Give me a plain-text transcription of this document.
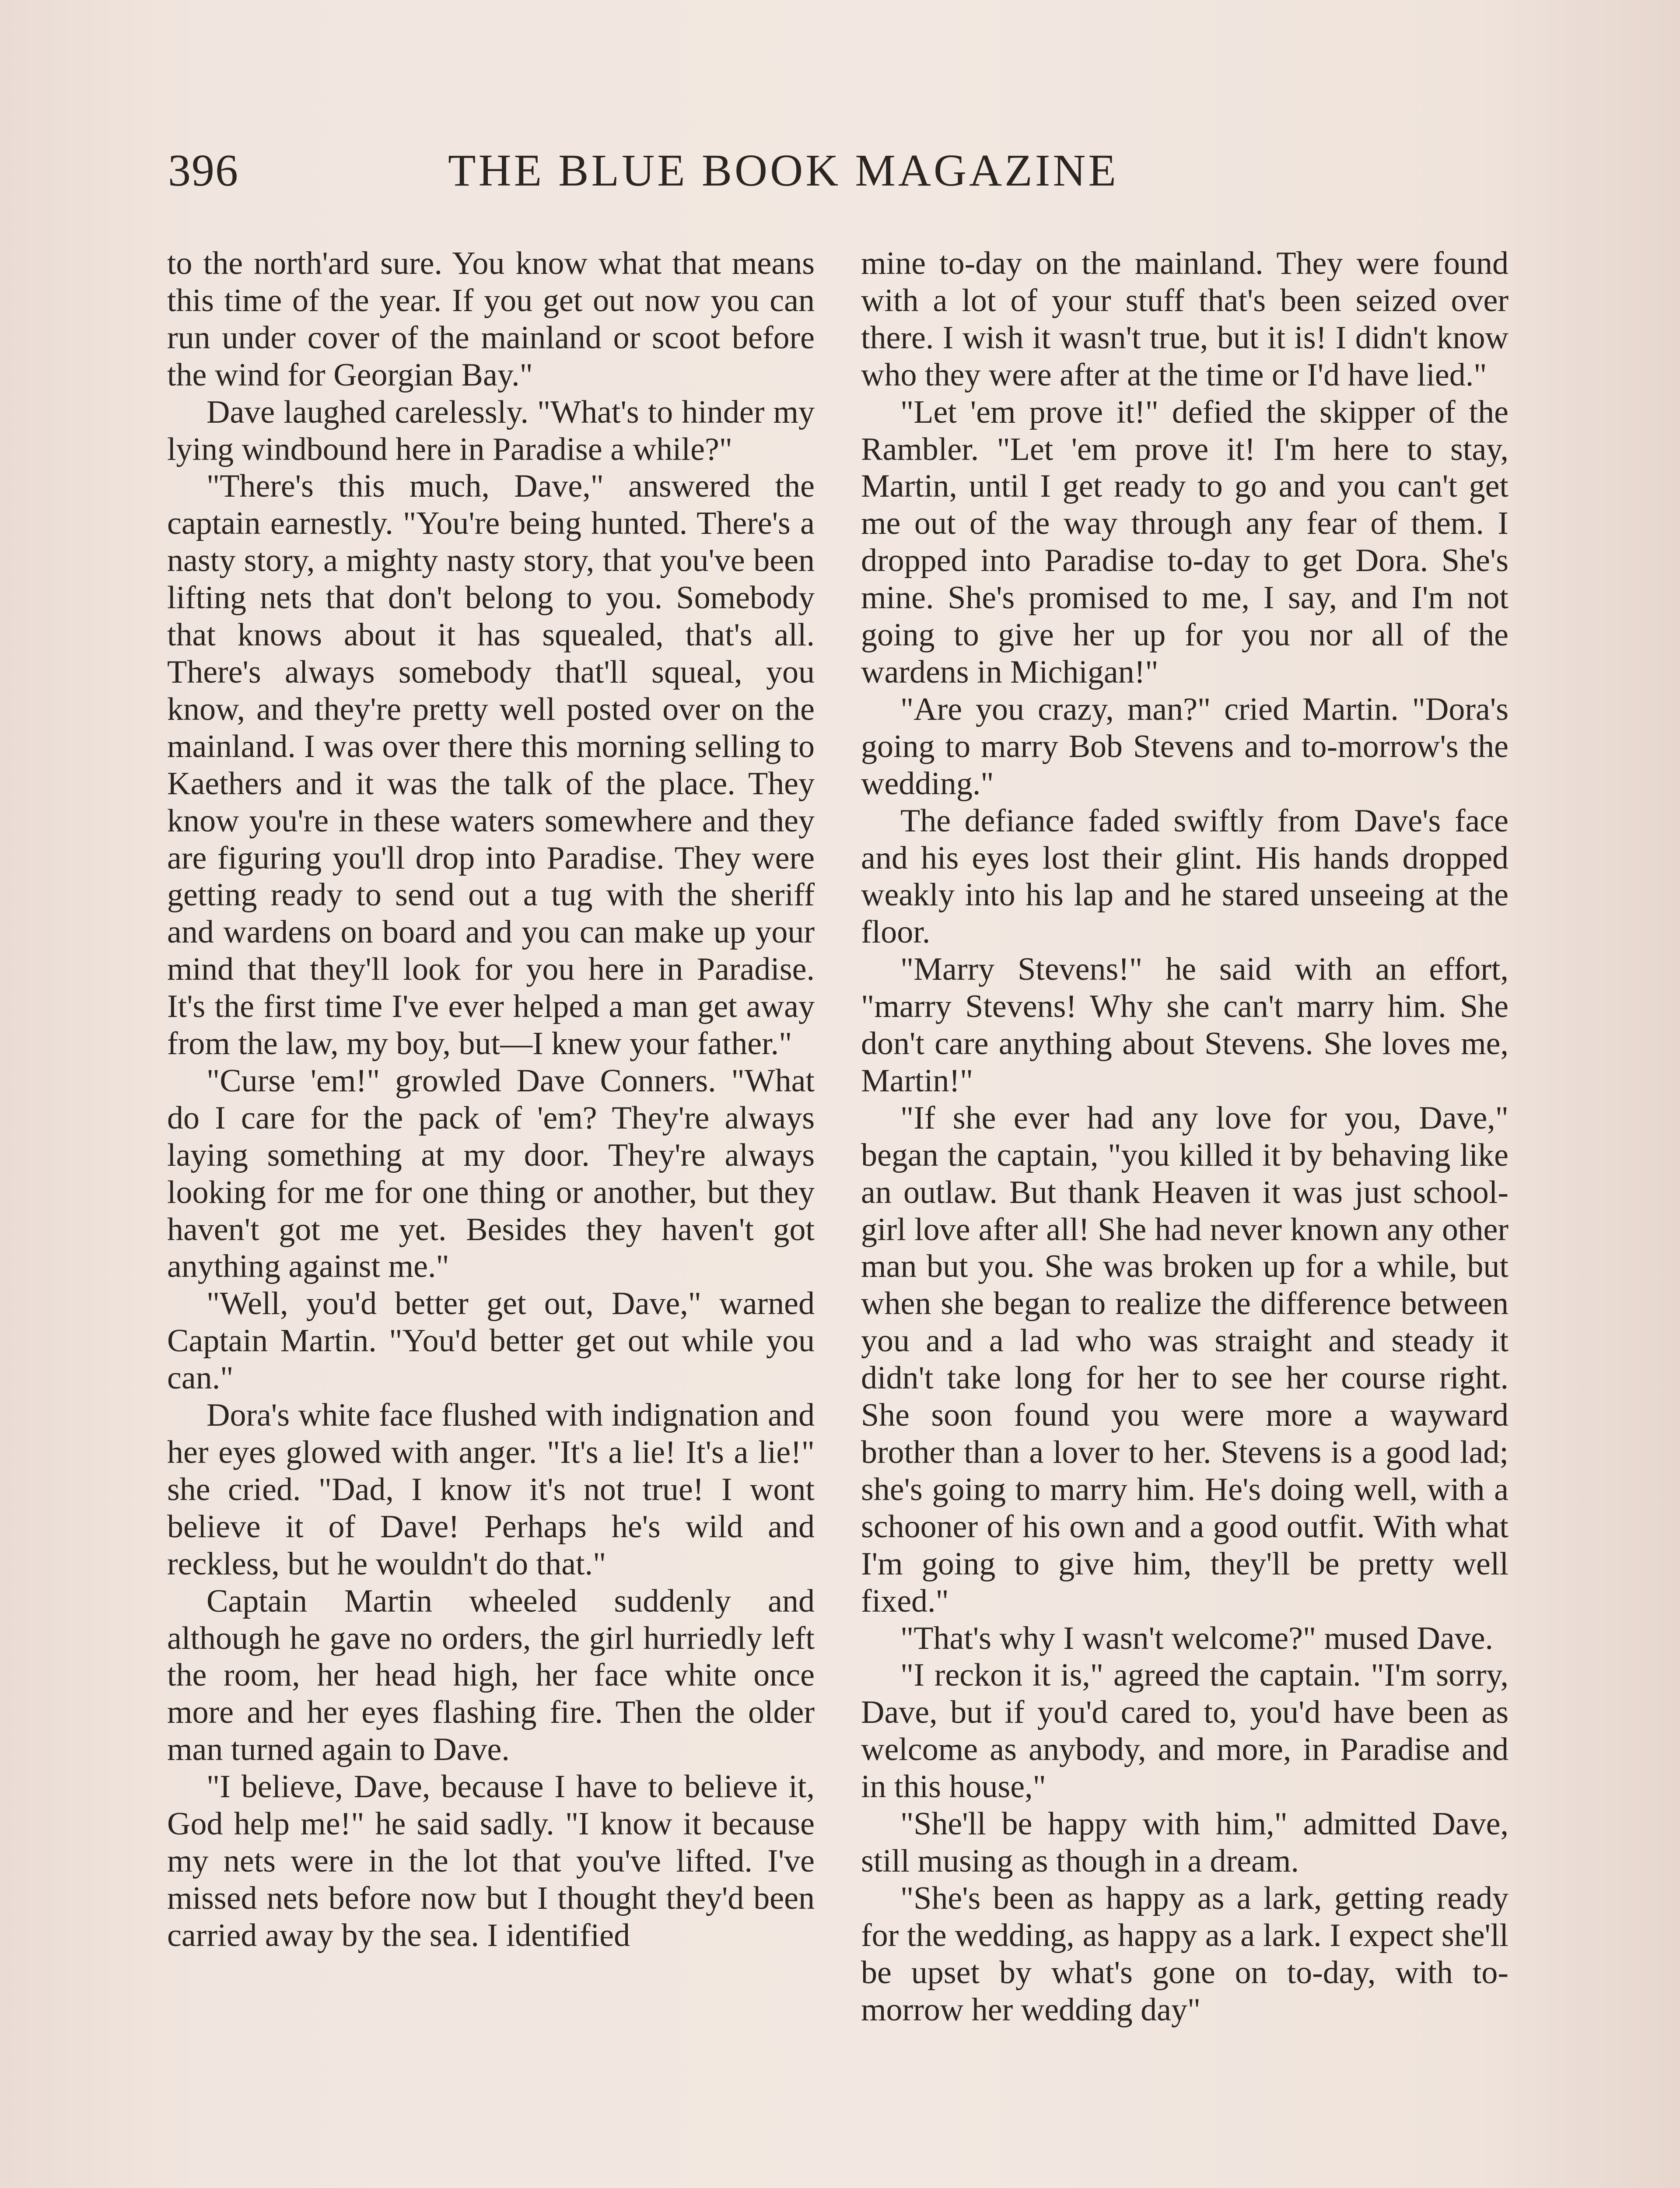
396	THE BLUE BOOK MAGAZINE

to the north'ard sure. You know what that means this time of the year. If you get out now you can run under cover of the mainland or scoot before the wind for Georgian Bay."

Dave laughed carelessly. "What's to hinder my lying windbound here in Paradise a while?"

"There's this much, Dave," answered the captain earnestly. "You're being hunted. There's a nasty story, a mighty nasty story, that you've been lifting nets that don't belong to you. Somebody that knows about it has squealed, that's all. There's always somebody that'll squeal, you know, and they're pretty well posted over on the mainland. I was over there this morning selling to Kaethers and it was the talk of the place. They know you're in these waters somewhere and they are figuring you'll drop into Paradise. They were getting ready to send out a tug with the sheriff and wardens on board and you can make up your mind that they'll look for you here in Paradise. It's the first time I've ever helped a man get away from the law, my boy, but—I knew your father."

"Curse 'em!" growled Dave Conners. "What do I care for the pack of 'em? They're always laying something at my door. They're always looking for me for one thing or another, but they haven't got me yet. Besides they haven't got anything against me."

"Well, you'd better get out, Dave," warned Captain Martin. "You'd better get out while you can."

Dora's white face flushed with indignation and her eyes glowed with anger. "It's a lie! It's a lie!" she cried. "Dad, I know it's not true! I wont believe it of Dave! Perhaps he's wild and reckless, but he wouldn't do that."

Captain Martin wheeled suddenly and although he gave no orders, the girl hurriedly left the room, her head high, her face white once more and her eyes flashing fire. Then the older man turned again to Dave.

"I believe, Dave, because I have to believe it, God help me!" he said sadly. "I know it because my nets were in the lot that you've lifted. I've missed nets before now but I thought they'd been carried away by the sea. I identified

mine to-day on the mainland. They were found with a lot of your stuff that's been seized over there. I wish it wasn't true, but it is! I didn't know who they were after at the time or I'd have lied."

"Let 'em prove it!" defied the skipper of the Rambler. "Let 'em prove it! I'm here to stay, Martin, until I get ready to go and you can't get me out of the way through any fear of them. I dropped into Paradise to-day to get Dora. She's mine. She's promised to me, I say, and I'm not going to give her up for you nor all of the wardens in Michigan!"

"Are you crazy, man?" cried Martin. "Dora's going to marry Bob Stevens and to-morrow's the wedding."

The defiance faded swiftly from Dave's face and his eyes lost their glint. His hands dropped weakly into his lap and he stared unseeing at the floor.

"Marry Stevens!" he said with an effort, "marry Stevens! Why she can't marry him. She don't care anything about Stevens. She loves me, Martin!"

"If she ever had any love for you, Dave," began the captain, "you killed it by behaving like an outlaw. But thank Heaven it was just school-girl love after all! She had never known any other man but you. She was broken up for a while, but when she began to realize the difference between you and a lad who was straight and steady it didn't take long for her to see her course right. She soon found you were more a wayward brother than a lover to her. Stevens is a good lad; she's going to marry him. He's doing well, with a schooner of his own and a good outfit. With what I'm going to give him, they'll be pretty well fixed."

"That's why I wasn't welcome?" mused Dave.

"I reckon it is," agreed the captain. "I'm sorry, Dave, but if you'd cared to, you'd have been as welcome as anybody, and more, in Paradise and in this house,"

"She'll be happy with him," admitted Dave, still musing as though in a dream.

"She's been as happy as a lark, getting ready for the wedding, as happy as a lark. I expect she'll be upset by what's gone on to-day, with to-morrow her wedding day"
